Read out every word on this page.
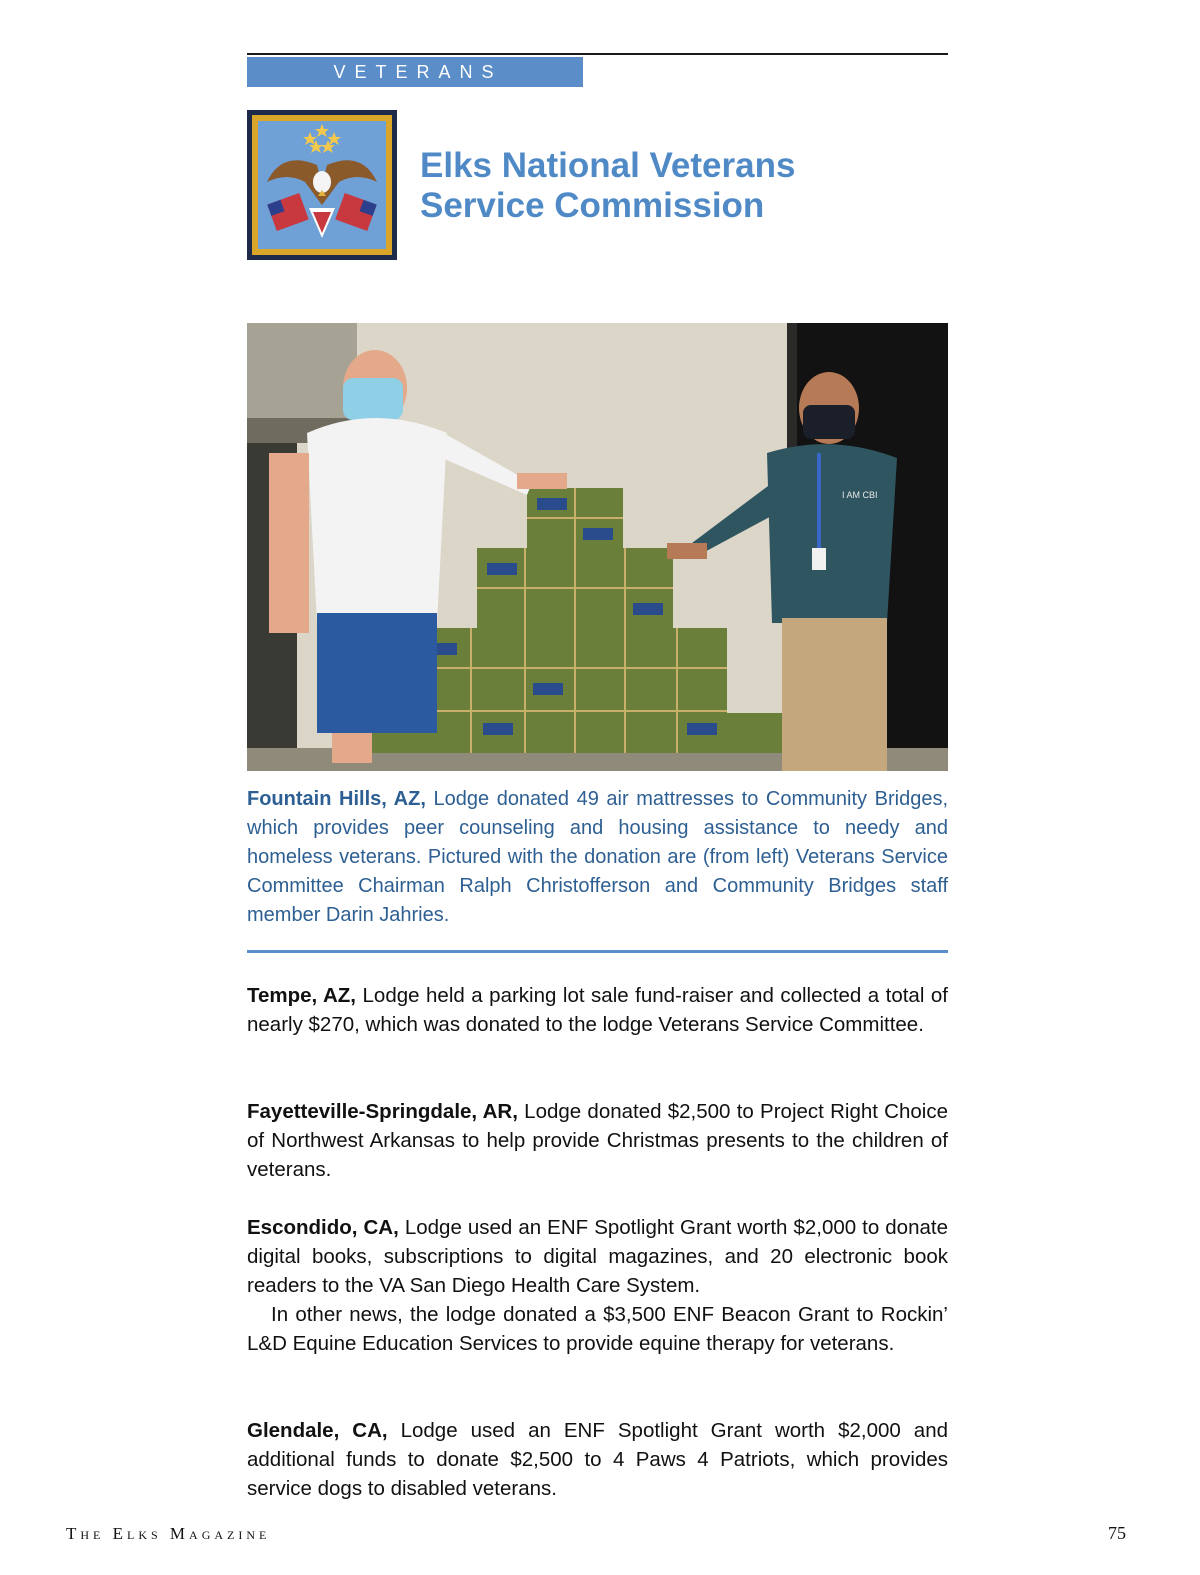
VETERANS
Elks National Veterans
Service Commission
I AM CBI

Fountain Hills, AZ, Lodge donated 49 air mattresses to Community Bridges, which provides peer counseling and housing assistance to needy and homeless veterans. Pictured with the donation are (from left) Veterans Service Committee Chairman Ralph Christofferson and Community Bridges staff member Darin Jahries.

Tempe, AZ, Lodge held a parking lot sale fund-raiser and collected a total of nearly $270, which was donated to the lodge Veterans Service Committee.

Fayetteville-Springdale, AR, Lodge donated $2,500 to Project Right Choice of Northwest Arkansas to help provide Christmas presents to the children of veterans.

Escondido, CA, Lodge used an ENF Spotlight Grant worth $2,000 to donate digital books, subscriptions to digital magazines, and 20 electronic book readers to the VA San Diego Health Care System.
In other news, the lodge donated a $3,500 ENF Beacon Grant to Rockin’ L&D Equine Education Services to provide equine therapy for veterans.

Glendale, CA, Lodge used an ENF Spotlight Grant worth $2,000 and additional funds to donate $2,500 to 4 Paws 4 Patriots, which provides service dogs to disabled veterans.

The Elks Magazine	75
